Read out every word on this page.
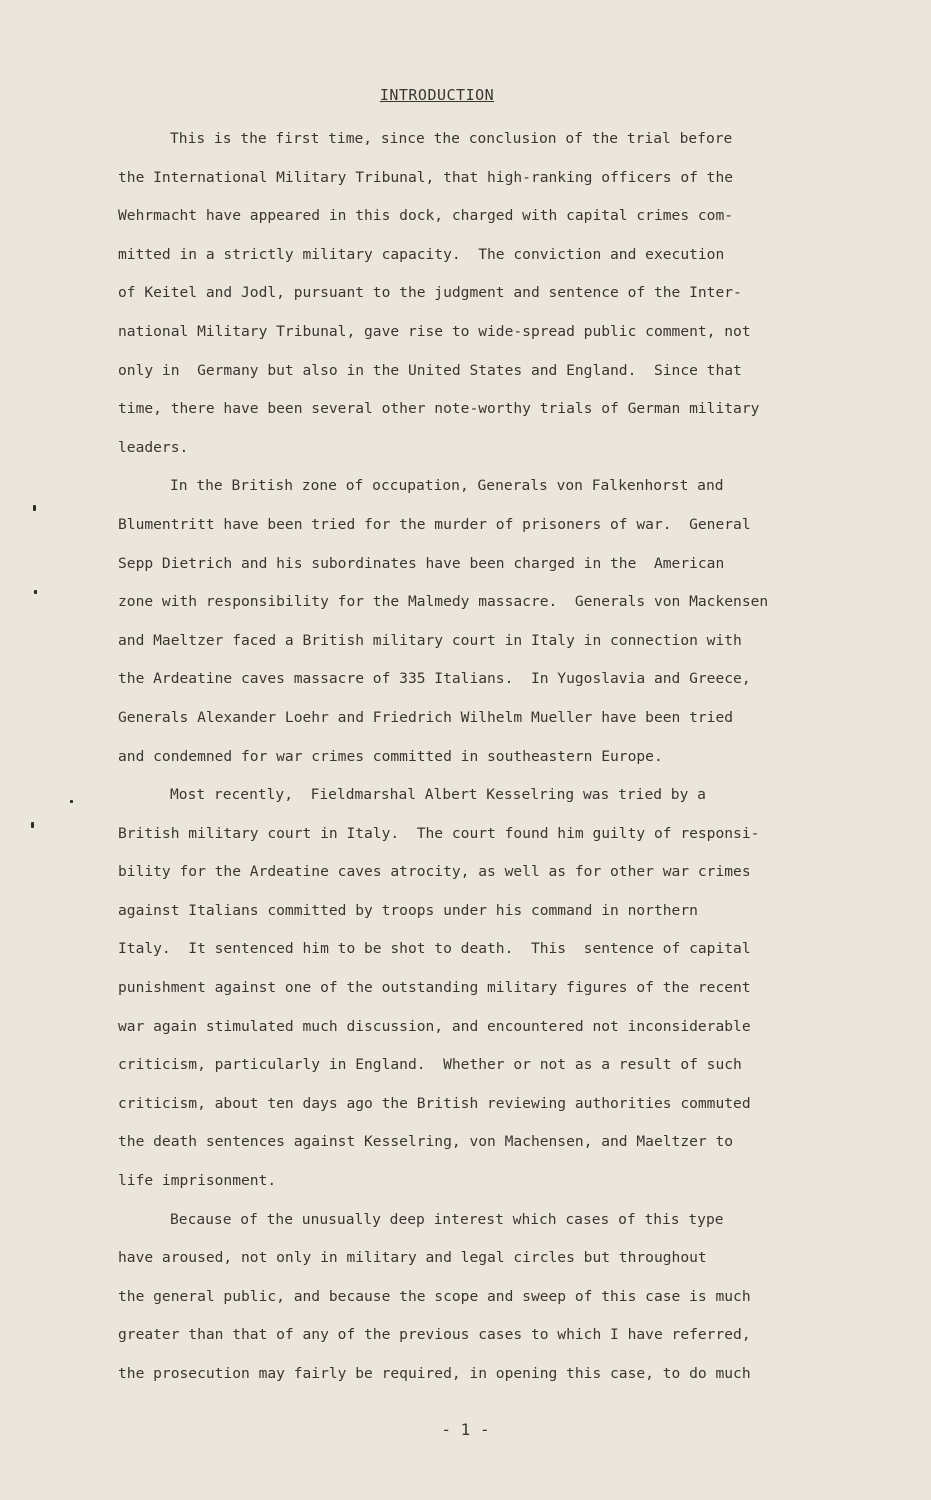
INTRODUCTION
This is the first time, since the conclusion of the trial before
the International Military Tribunal, that high-ranking officers of the
Wehrmacht have appeared in this dock, charged with capital crimes com-
mitted in a strictly military capacity.  The conviction and execution
of Keitel and Jodl, pursuant to the judgment and sentence of the Inter-
national Military Tribunal, gave rise to wide-spread public comment, not
only in  Germany but also in the United States and England.  Since that
time, there have been several other note-worthy trials of German military
leaders.
In the British zone of occupation, Generals von Falkenhorst and
Blumentritt have been tried for the murder of prisoners of war.  General
Sepp Dietrich and his subordinates have been charged in the  American
zone with responsibility for the Malmedy massacre.  Generals von Mackensen
and Maeltzer faced a British military court in Italy in connection with
the Ardeatine caves massacre of 335 Italians.  In Yugoslavia and Greece,
Generals Alexander Loehr and Friedrich Wilhelm Mueller have been tried
and condemned for war crimes committed in southeastern Europe.
Most recently,  Fieldmarshal Albert Kesselring was tried by a
British military court in Italy.  The court found him guilty of responsi-
bility for the Ardeatine caves atrocity, as well as for other war crimes
against Italians committed by troops under his command in northern
Italy.  It sentenced him to be shot to death.  This  sentence of capital
punishment against one of the outstanding military figures of the recent
war again stimulated much discussion, and encountered not inconsiderable
criticism, particularly in England.  Whether or not as a result of such
criticism, about ten days ago the British reviewing authorities commuted
the death sentences against Kesselring, von Machensen, and Maeltzer to
life imprisonment.
Because of the unusually deep interest which cases of this type
have aroused, not only in military and legal circles but throughout
the general public, and because the scope and sweep of this case is much
greater than that of any of the previous cases to which I have referred,
the prosecution may fairly be required, in opening this case, to do much
- 1 -
